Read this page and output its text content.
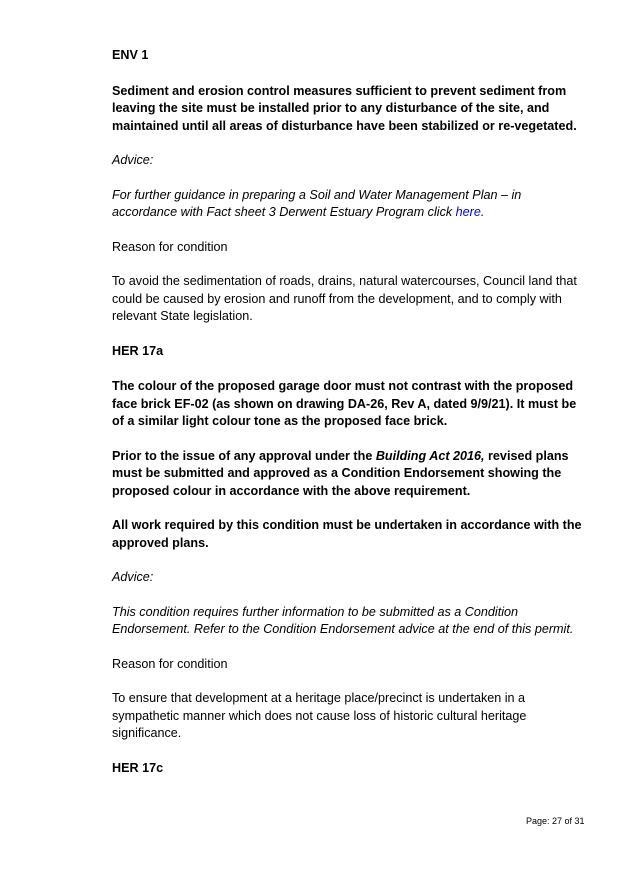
ENV 1

Sediment and erosion control measures sufficient to prevent sediment from leaving the site must be installed prior to any disturbance of the site, and maintained until all areas of disturbance have been stabilized or re-vegetated.

Advice:

For further guidance in preparing a Soil and Water Management Plan – in accordance with Fact sheet 3 Derwent Estuary Program click here.

Reason for condition

To avoid the sedimentation of roads, drains, natural watercourses, Council land that could be caused by erosion and runoff from the development, and to comply with relevant State legislation.

HER 17a

The colour of the proposed garage door must not contrast with the proposed face brick EF-02 (as shown on drawing DA-26, Rev A, dated 9/9/21). It must be of a similar light colour tone as the proposed face brick.

Prior to the issue of any approval under the Building Act 2016, revised plans must be submitted and approved as a Condition Endorsement showing the proposed colour in accordance with the above requirement.

All work required by this condition must be undertaken in accordance with the approved plans.

Advice:

This condition requires further information to be submitted as a Condition Endorsement. Refer to the Condition Endorsement advice at the end of this permit.

Reason for condition

To ensure that development at a heritage place/precinct is undertaken in a sympathetic manner which does not cause loss of historic cultural heritage significance.

HER 17c

Page: 27 of 31
